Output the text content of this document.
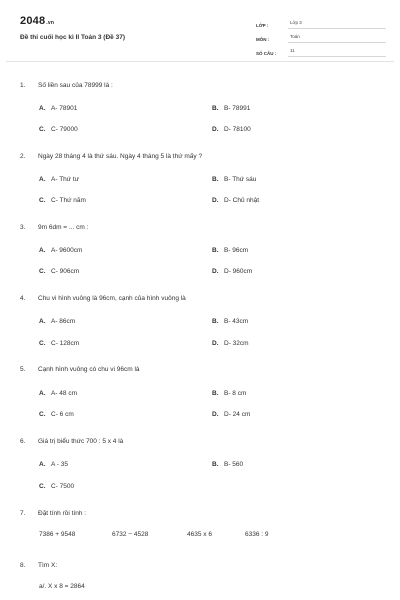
2048.vn
Đề thi cuối học kì II Toán 3 (Đề 37)
LỚP :
Lớp 3
MÔN :
Toán
SỐ CÂU :
11
1. Số liền sau của 78999 là :
A. A- 78901	B. B- 78991
C. C- 79000	D. D- 78100
2. Ngày 28 tháng 4 là thứ sáu. Ngày 4 tháng 5 là thứ mấy ?
A. A- Thứ tư	B. B- Thứ sáu
C. C- Thứ năm	D. D- Chủ nhật
3. 9m 6dm = ... cm :
A. A- 9600cm	B. B- 96cm
C. C- 906cm	D. D- 960cm
4. Chu vi hình vuông là 96cm, cạnh của hình vuông là
A. A- 86cm	B. B- 43cm
C. C- 128cm	D. D- 32cm
5. Cạnh hình vuông có chu vi 96cm là
A. A- 48 cm	B. B- 8 cm
C. C- 6 cm	D. D- 24 cm
6. Giá trị biểu thức 700 : 5 x 4 là
A. A - 35	B. B- 560
C. C- 7500
7. Đặt tính rồi tính :
7386 + 9548	6732 − 4528	4635 x 6	6336 : 9
8. Tìm X:
a/. X x 8 = 2864
